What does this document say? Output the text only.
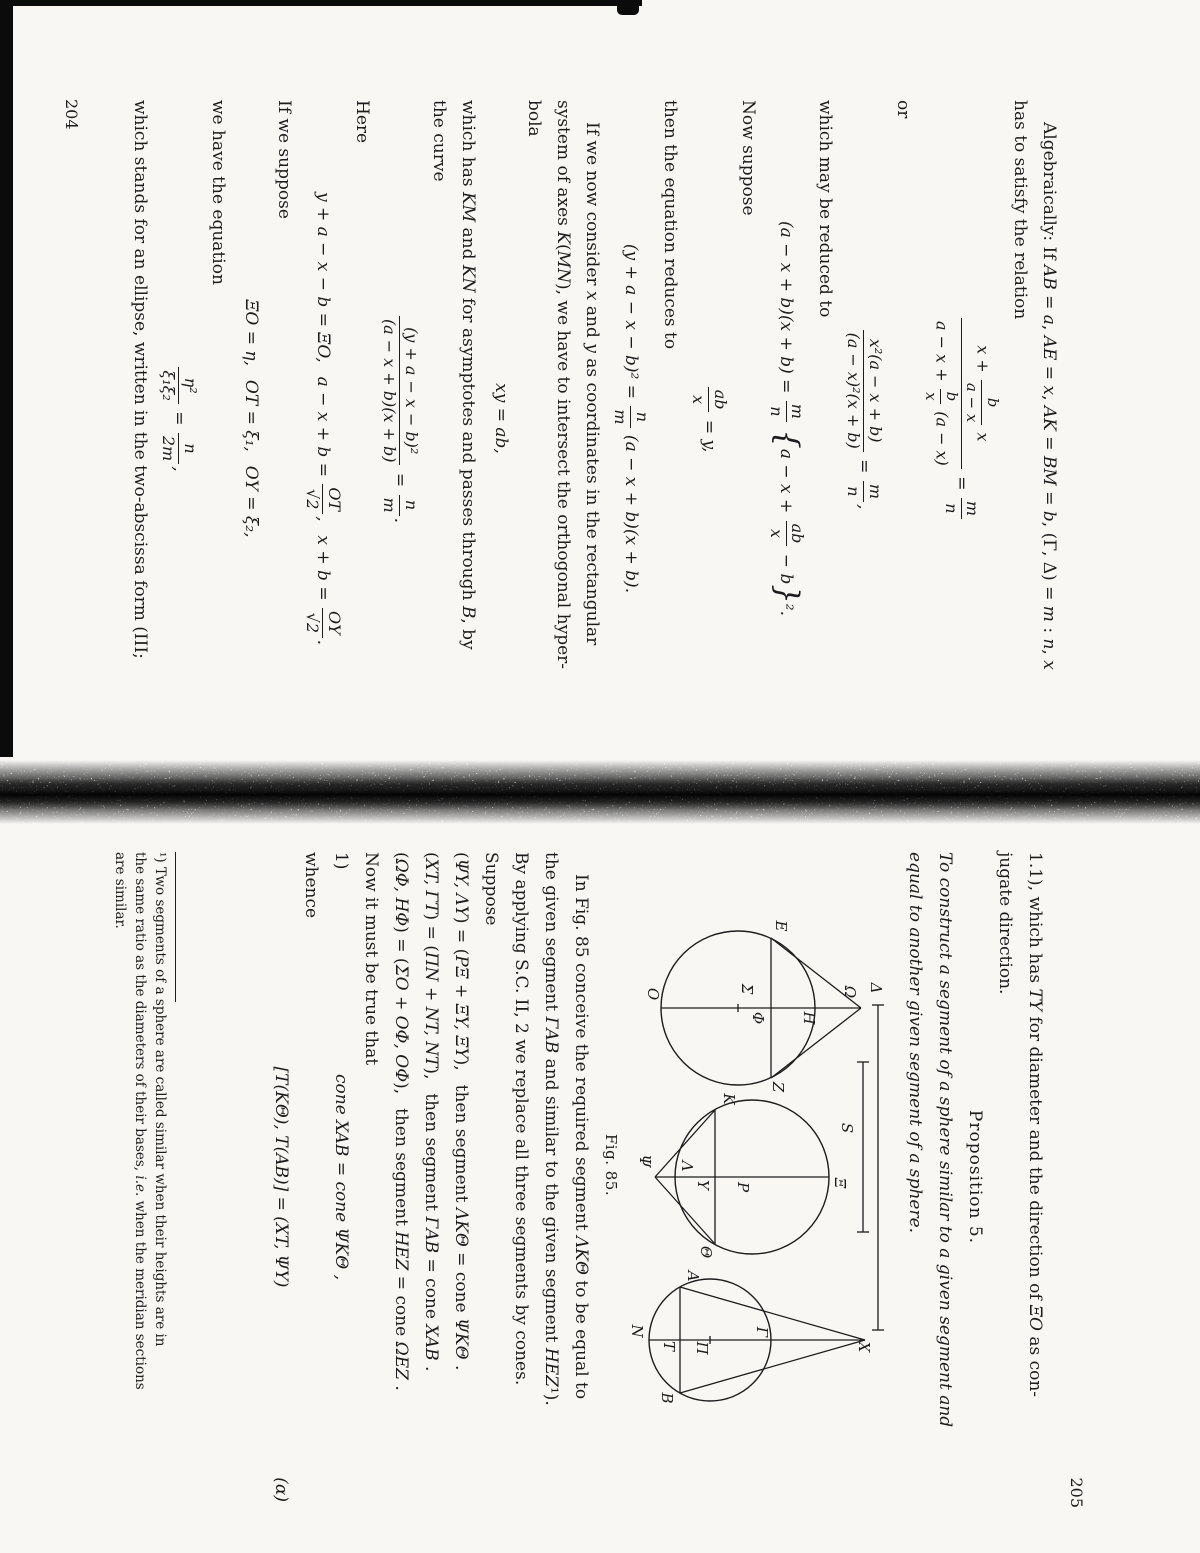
Algebraically: If AB = a, AE = x, AK = BM = b, (Γ, Δ) = m : n, x
has to satisfy the relation
x +
b
a − x
x
a − x +
b
x
(a − x)
=
m
n
or
x²(a − x + b)
(a − x)²(x + b)
=
m
n
,
which may be reduced to
(a − x + b)(x + b) =
m
n
{a − x +
ab
x
− b}².
Now suppose
ab
x
= y,
then the equation reduces to
(y + a − x − b)² =
n
m
(a − x + b)(x + b).
If we now consider x and y as coordinates in the rectangular
system of axes K(MN), we have to intersect the orthogonal hyper-
bola
xy = ab,
which has KM and KN for asymptotes and passes through B, by
the curve
(y + a − x − b)²
(a − x + b)(x + b)
=
n
m
.
Here
y + a − x − b = ΞO,  a − x + b =
OT
√2
,  x + b =
OY
√2
.
If we suppose
ΞO = η,  OT = ξ₁,  OY = ξ₂,
we have the equation
η²
ξ₁ξ₂
=
n
2m
,
which stands for an ellipse, written in the two-abscissa form (III;
204
1.1), which has TY for diameter and the direction of ΞO as con-
jugate direction.
Proposition 5.
To construct a segment of a sphere similar to a given segment and
equal to another given segment of a sphere.
E
Z
O	Σ
Φ H
Ω Δ
S
K
Θ
Ψ Λ
Y P	Ξ
A
B
N
T Π
Γ
X
Fig. 85.
In Fig. 85 conceive the required segment ΛKΘ to be equal to
the given segment ΓAB and similar to the given segment HEZ¹).
By applying S.C. II, 2 we replace all three segments by cones.
Suppose
(ΨY, ΛY) = (PΞ + ΞY, ΞY),  then segment ΛKΘ = cone ΨKΘ .
(XT, ΓT) = (ΠN + NT, NT),  then segment ΓAB = cone XAB .
(ΩΦ, HΦ) = (ΣO + OΦ, OΦ),  then segment HEZ = cone ΩEZ .
Now it must be true that
1)
cone XAB = cone ΨKΘ ,
whence
[T(KΘ), T(AB)] = (XT, ΨY)
(α)
¹) Two segments of a sphere are called similar when their heights are in
the same ratio as the diameters of their bases, i.e. when the meridian sections
are similar.
205
